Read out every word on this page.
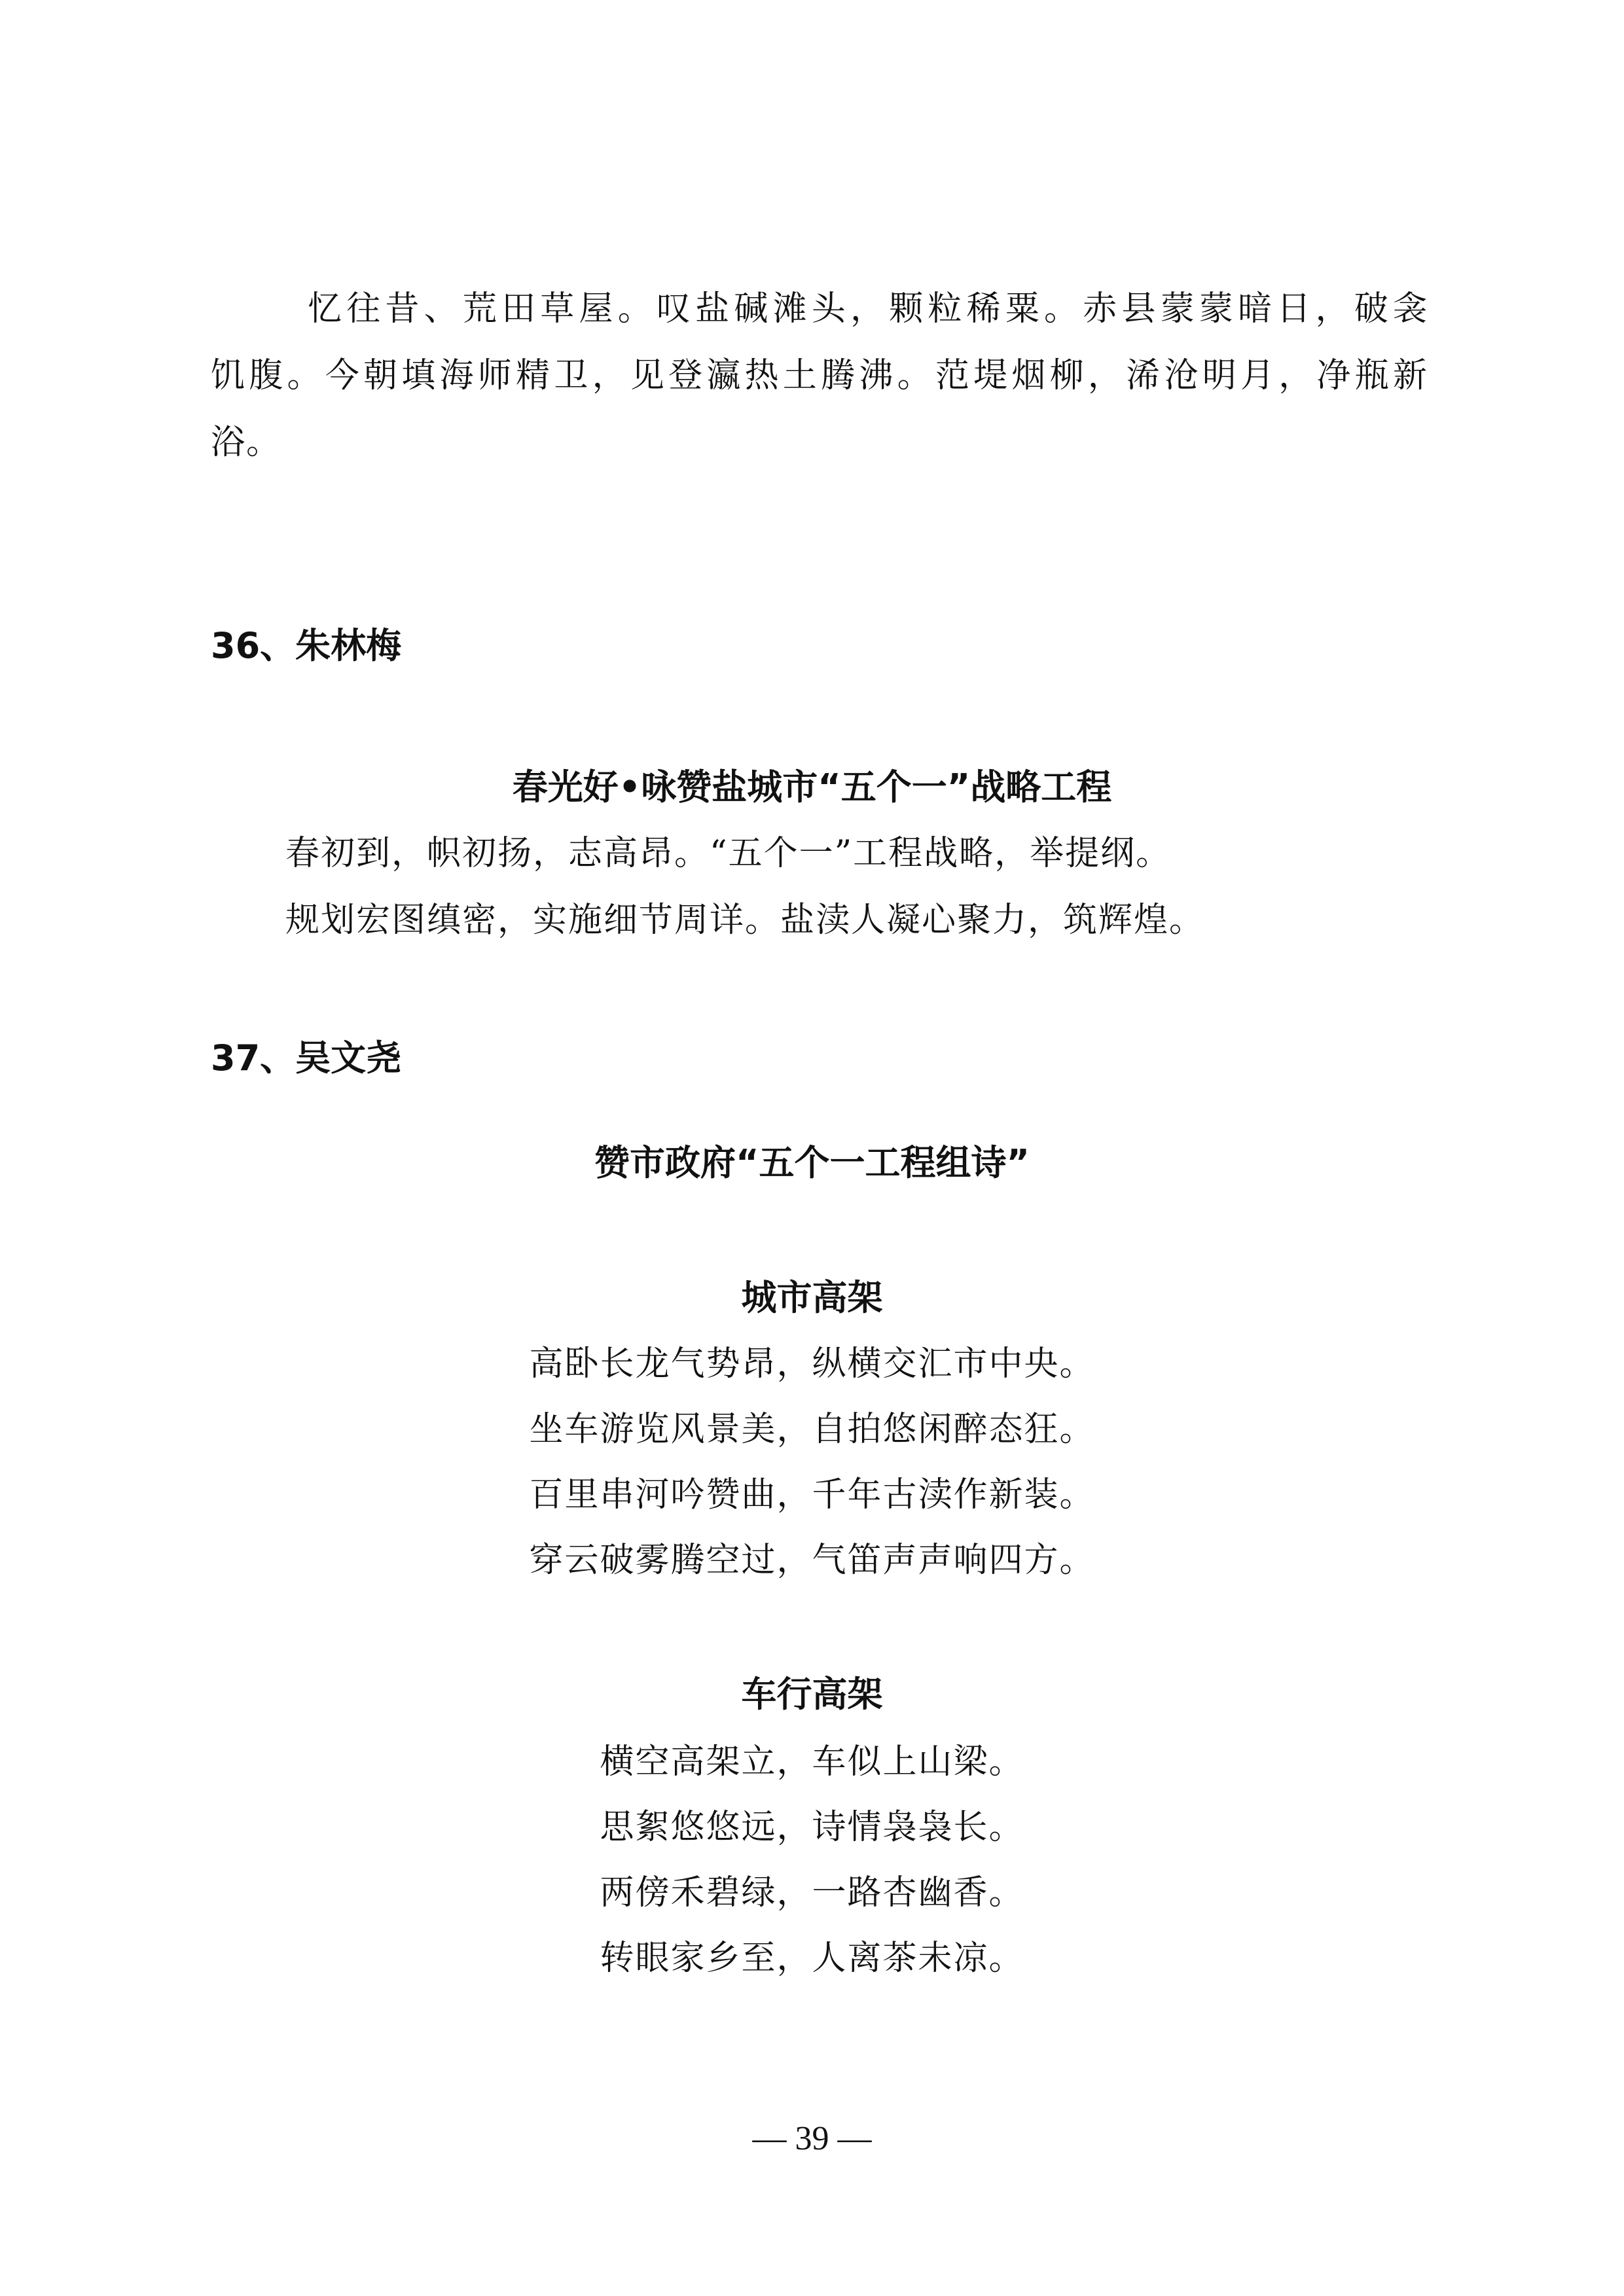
忆往昔、荒田草屋。叹盐碱滩头，颗粒稀粟。赤县蒙蒙暗日，破衾
饥腹。今朝填海师精卫，见登瀛热土腾沸。范堤烟柳，浠沧明月，净瓶新
浴。
36、朱林梅
春光好•咏赞盐城市“五个一”战略工程
春初到，帜初扬，志高昂。“五个一”工程战略，举提纲。
规划宏图缜密，实施细节周详。盐渎人凝心聚力，筑辉煌。
37、吴文尧
赞市政府“五个一工程组诗”
城市高架
高卧长龙气势昂，纵横交汇市中央。
坐车游览风景美，自拍悠闲醉态狂。
百里串河吟赞曲，千年古渎作新装。
穿云破雾腾空过，气笛声声响四方。
车行高架
横空高架立，车似上山梁。
思絮悠悠远，诗情袅袅长。
两傍禾碧绿，一路杏幽香。
转眼家乡至，人离茶未凉。
— 39 —
